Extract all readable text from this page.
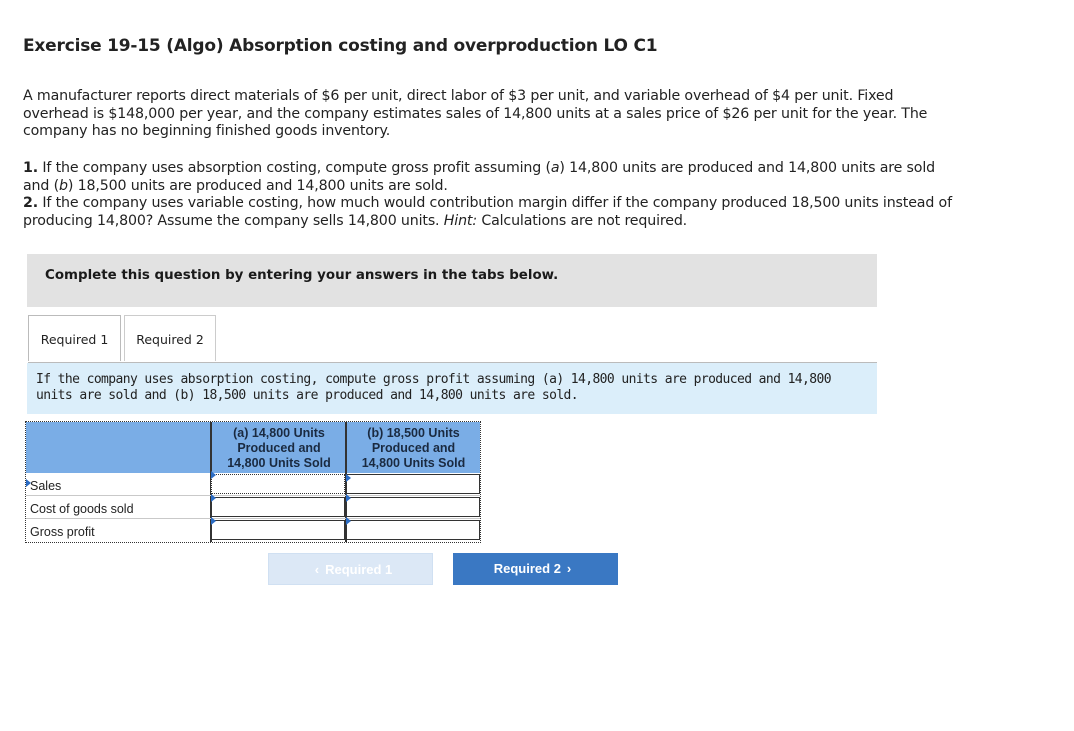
Exercise 19-15 (Algo) Absorption costing and overproduction LO C1
A manufacturer reports direct materials of $6 per unit, direct labor of $3 per unit, and variable overhead of $4 per unit. Fixed overhead is $148,000 per year, and the company estimates sales of 14,800 units at a sales price of $26 per unit for the year. The company has no beginning finished goods inventory.
1. If the company uses absorption costing, compute gross profit assuming (a) 14,800 units are produced and 14,800 units are sold and (b) 18,500 units are produced and 14,800 units are sold.
2. If the company uses variable costing, how much would contribution margin differ if the company produced 18,500 units instead of producing 14,800? Assume the company sells 14,800 units. Hint: Calculations are not required.
Complete this question by entering your answers in the tabs below.
Required 1	Required 2
If the company uses absorption costing, compute gross profit assuming (a) 14,800 units are produced and 14,800 units are sold and (b) 18,500 units are produced and 14,800 units are sold.
(a) 14,800 Units
Produced and
14,800 Units Sold
(b) 18,500 Units
Produced and
14,800 Units Sold
Sales
Cost of goods sold
Gross profit
‹ Required 1	Required 2 ›
